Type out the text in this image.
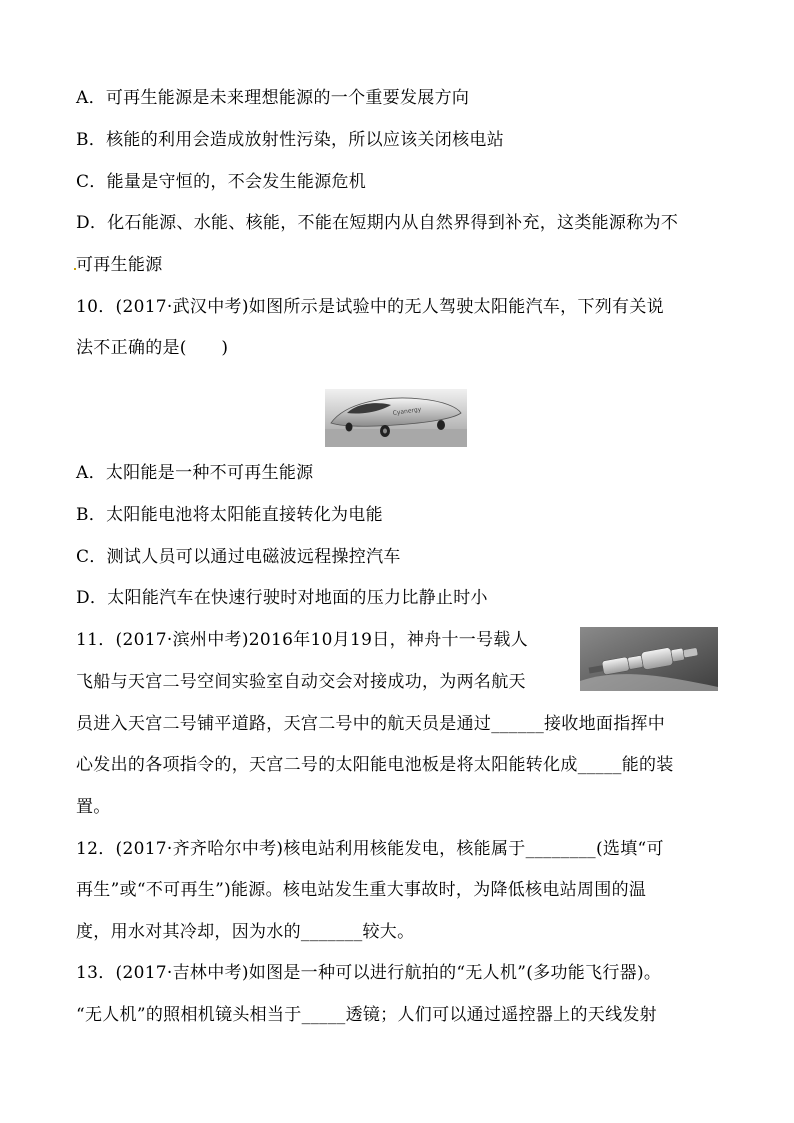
A．可再生能源是未来理想能源的一个重要发展方向
B．核能的利用会造成放射性污染，所以应该关闭核电站
C．能量是守恒的，不会发生能源危机
D．化石能源、水能、核能，不能在短期内从自然界得到补充，这类能源称为不
可再生能源
10．(2017·武汉中考)如图所示是试验中的无人驾驶太阳能汽车，下列有关说
法不正确的是(　　)
Cyanergy
A．太阳能是一种不可再生能源
B．太阳能电池将太阳能直接转化为电能
C．测试人员可以通过电磁波远程操控汽车
D．太阳能汽车在快速行驶时对地面的压力比静止时小
11．(2017·滨州中考)2016年10月19日，神舟十一号载人
飞船与天宫二号空间实验室自动交会对接成功，为两名航天
员进入天宫二号铺平道路，天宫二号中的航天员是通过______接收地面指挥中
心发出的各项指令的，天宫二号的太阳能电池板是将太阳能转化成_____能的装
置。
12．(2017·齐齐哈尔中考)核电站利用核能发电，核能属于________(选填“可
再生”或“不可再生”)能源。核电站发生重大事故时，为降低核电站周围的温
度，用水对其冷却，因为水的_______较大。
13．(2017·吉林中考)如图是一种可以进行航拍的“无人机”(多功能飞行器)。
“无人机”的照相机镜头相当于_____透镜；人们可以通过遥控器上的天线发射
